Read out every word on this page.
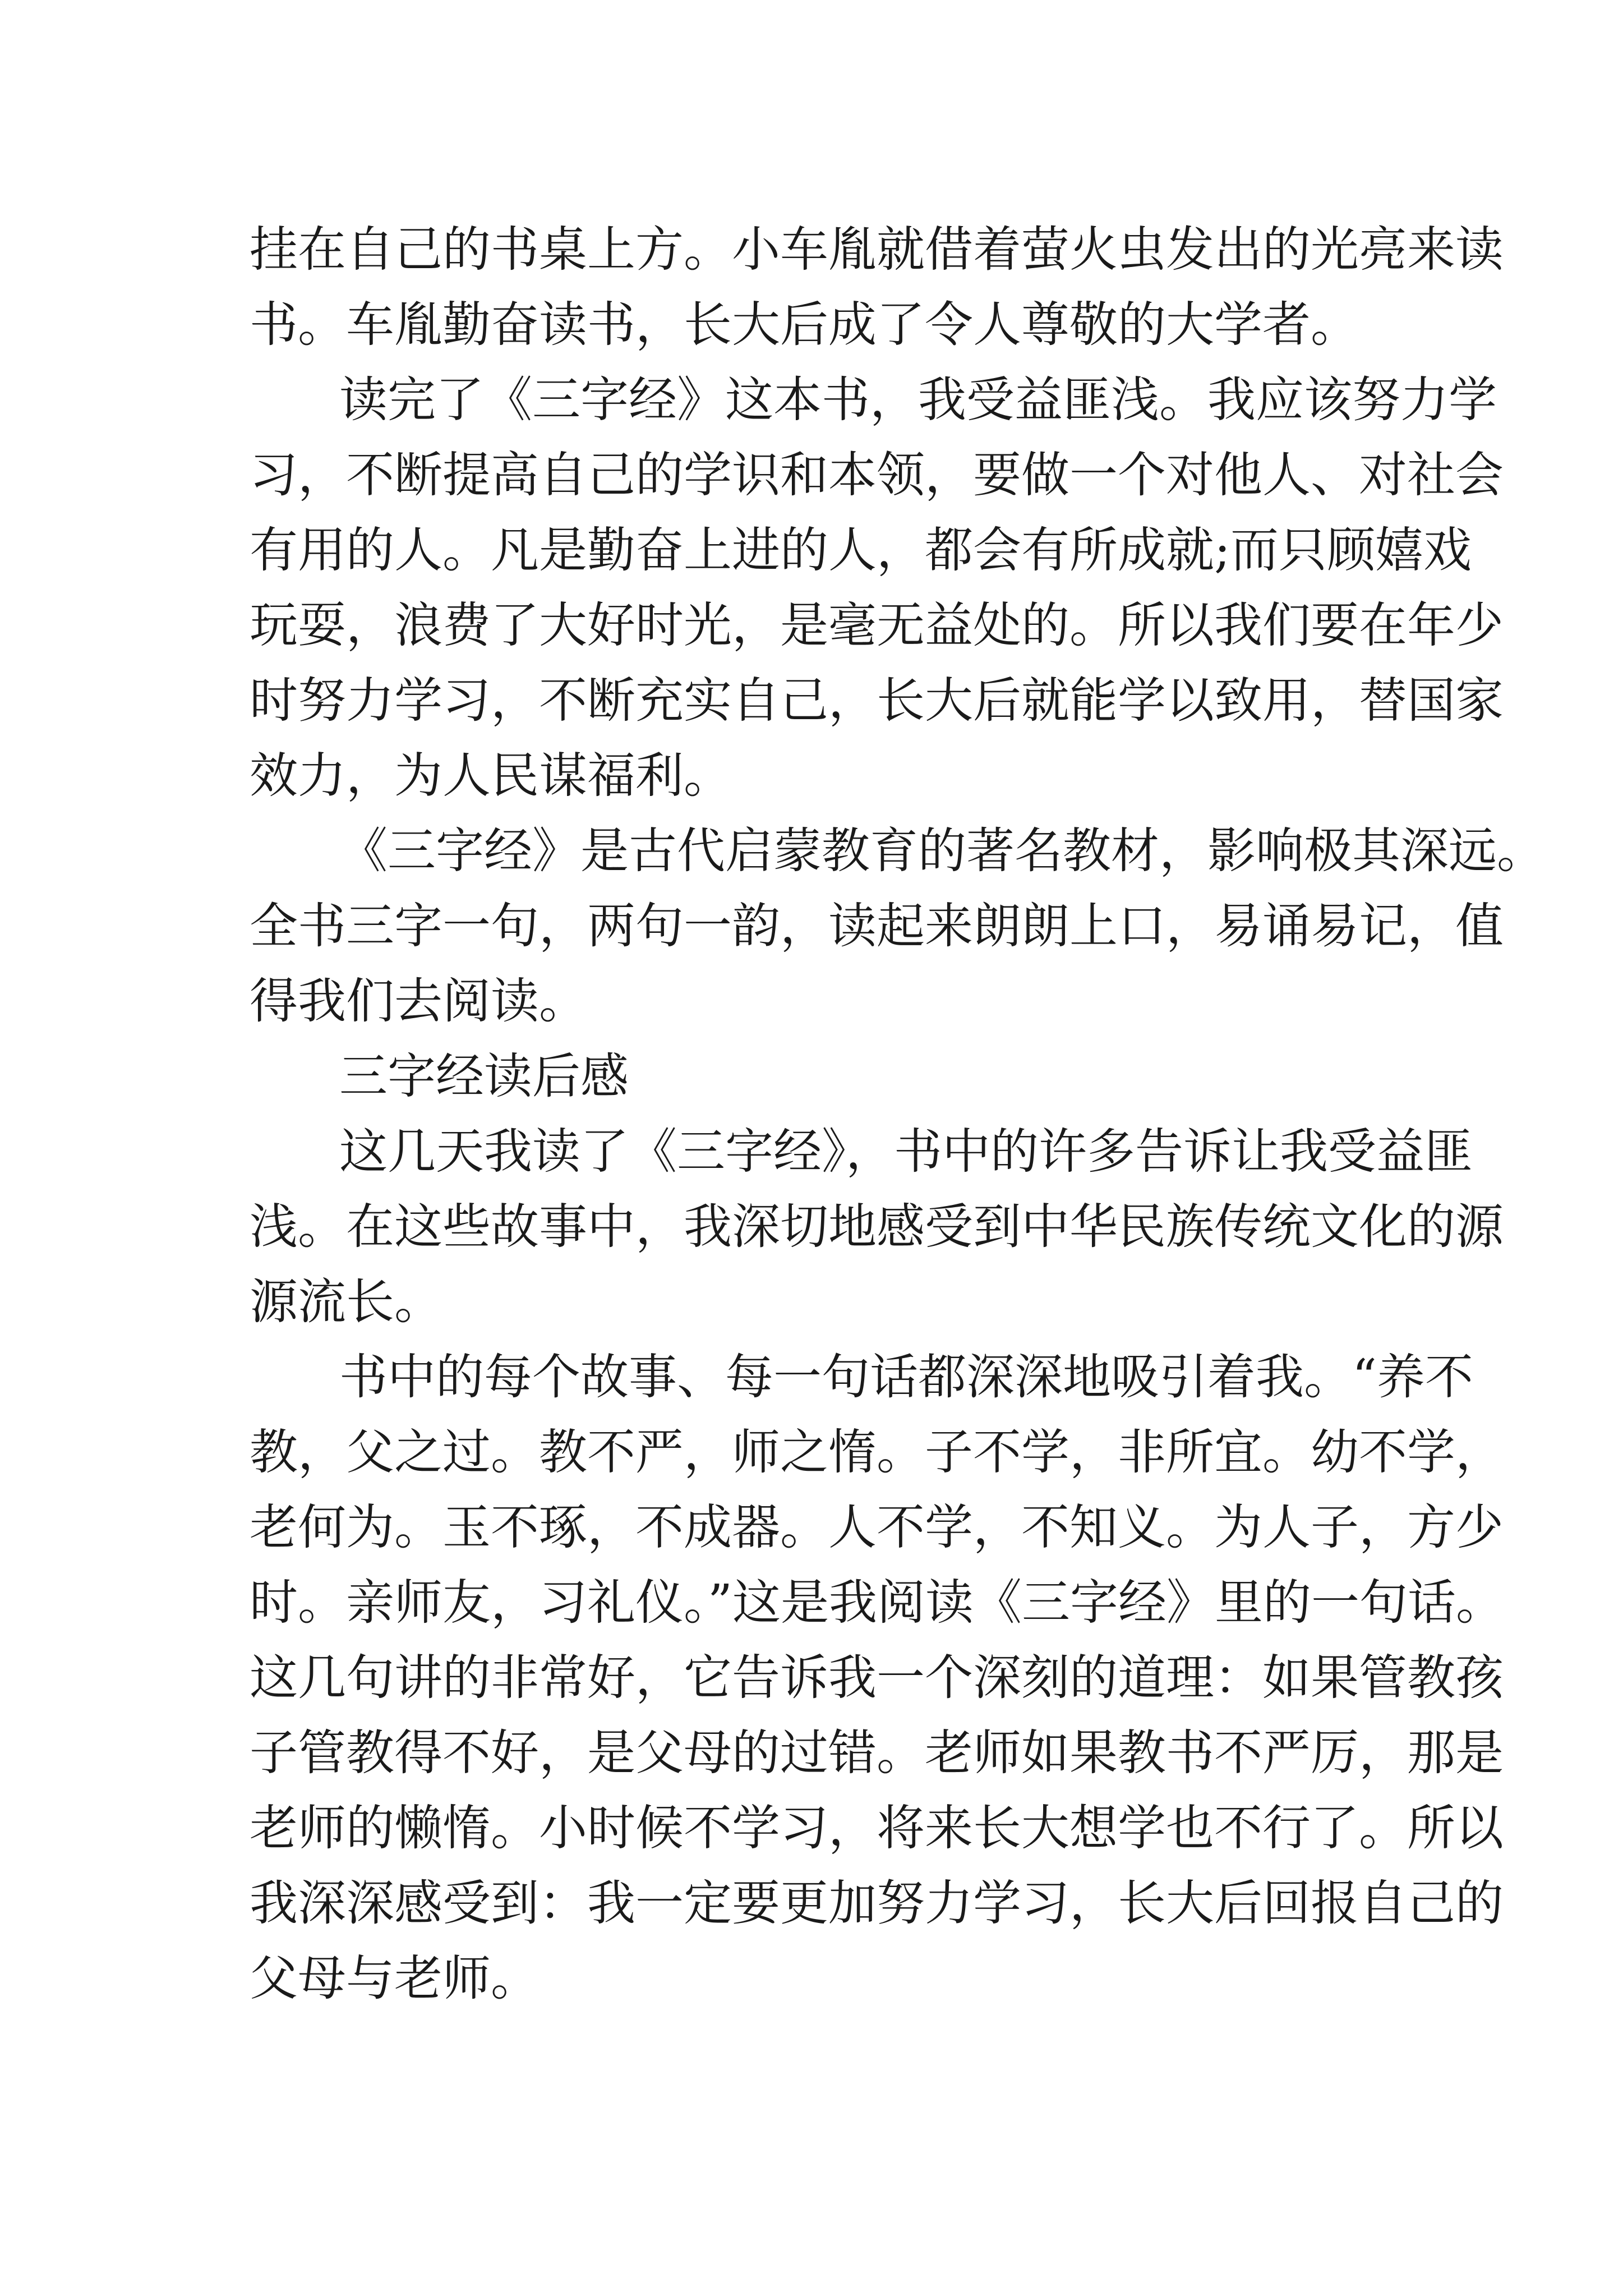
挂在自己的书桌上方。小车胤就借着萤火虫发出的光亮来读
书。车胤勤奋读书，长大后成了令人尊敬的大学者。
读完了《三字经》这本书，我受益匪浅。我应该努力学
习，不断提高自己的学识和本领，要做一个对他人、对社会
有用的人。凡是勤奋上进的人，都会有所成就;而只顾嬉戏
玩耍，浪费了大好时光，是毫无益处的。所以我们要在年少
时努力学习，不断充实自己，长大后就能学以致用，替国家
效力，为人民谋福利。
《三字经》是古代启蒙教育的著名教材，影响极其深远。
全书三字一句，两句一韵，读起来朗朗上口，易诵易记，值
得我们去阅读。
三字经读后感
这几天我读了《三字经》，书中的许多告诉让我受益匪
浅。在这些故事中，我深切地感受到中华民族传统文化的源
源流长。
书中的每个故事、每一句话都深深地吸引着我。“养不
教，父之过。教不严，师之惰。子不学，非所宜。幼不学，
老何为。玉不琢，不成器。人不学，不知义。为人子，方少
时。亲师友，习礼仪。”这是我阅读《三字经》里的一句话。
这几句讲的非常好，它告诉我一个深刻的道理：如果管教孩
子管教得不好，是父母的过错。老师如果教书不严厉，那是
老师的懒惰。小时候不学习，将来长大想学也不行了。所以
我深深感受到：我一定要更加努力学习，长大后回报自己的
父母与老师。
